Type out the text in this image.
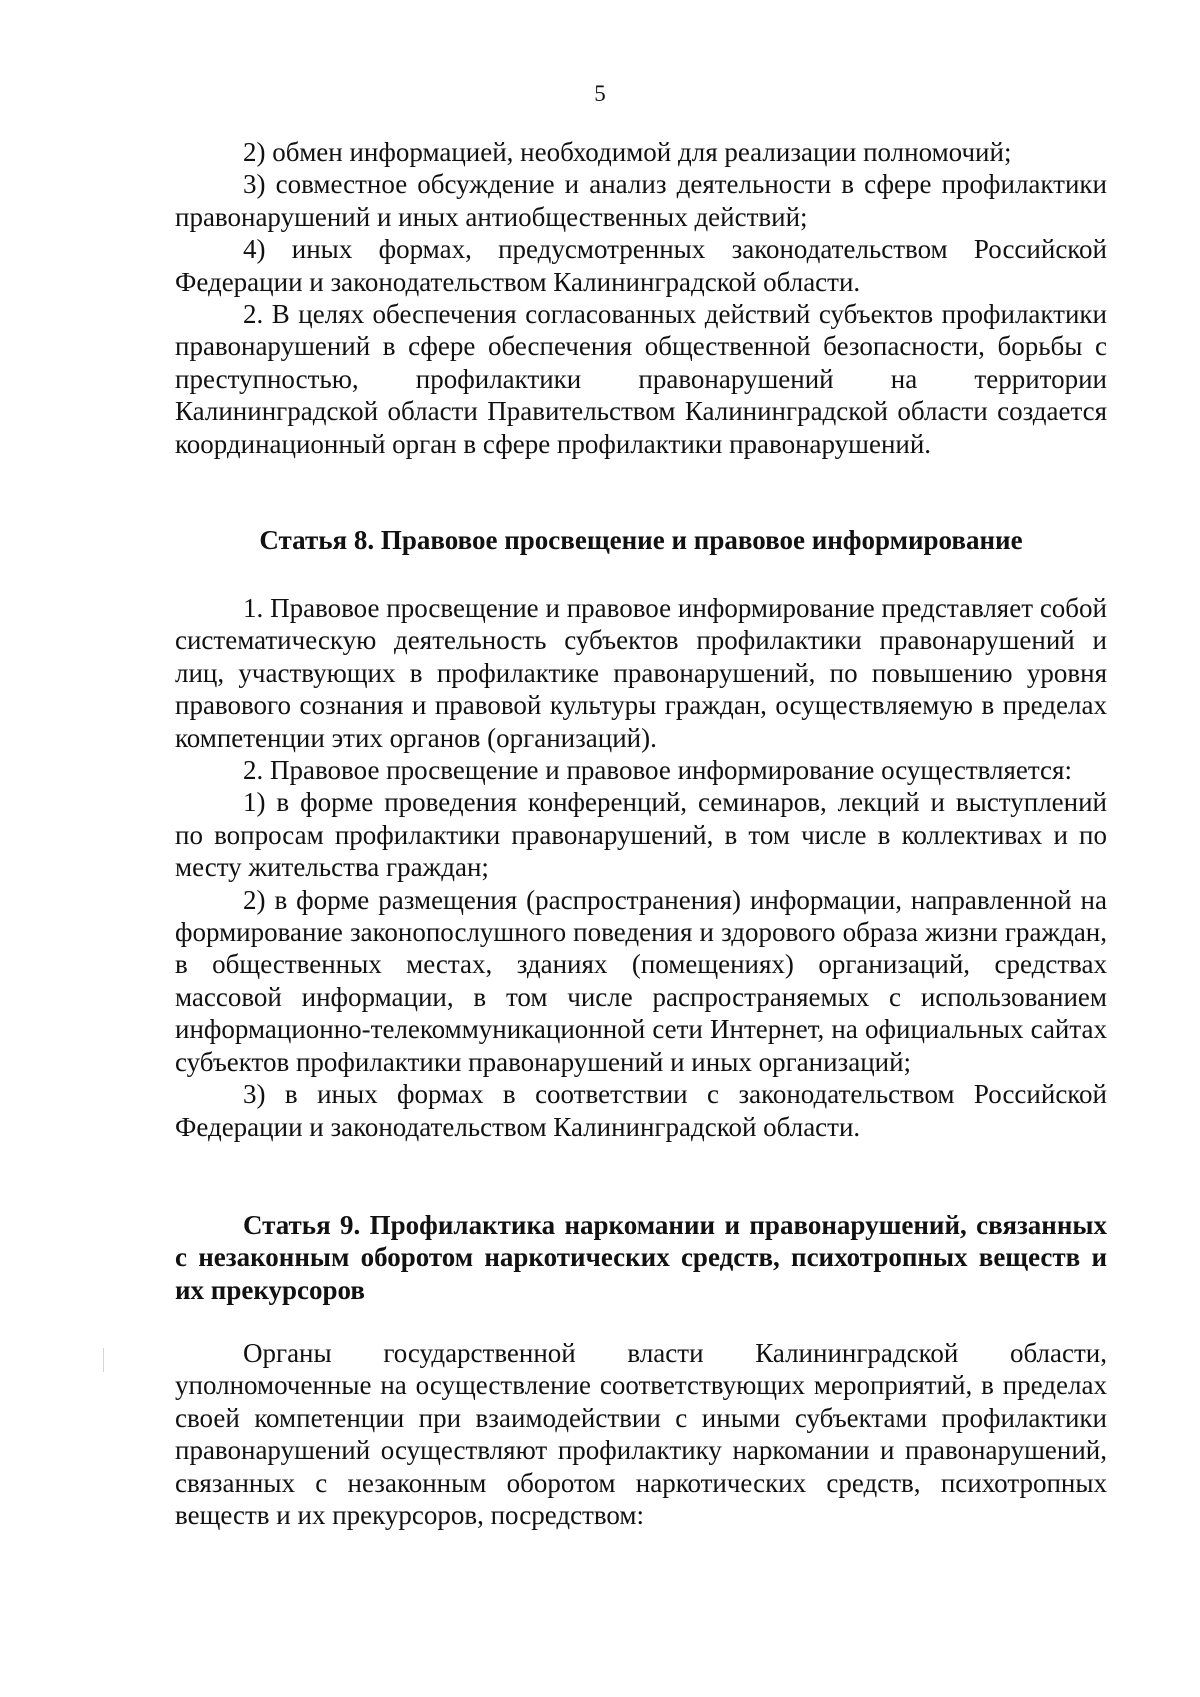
5

2) обмен информацией, необходимой для реализации полномочий;

3) совместное обсуждение и анализ деятельности в сфере профилактики правонарушений и иных антиобщественных действий;

4) иных формах, предусмотренных законодательством Российской Федерации и законодательством Калининградской области.

2. В целях обеспечения согласованных действий субъектов профилактики правонарушений в сфере обеспечения общественной безопасности, борьбы с преступностью, профилактики правонарушений на территории Калининградской области Правительством Калининградской области создается координационный орган в сфере профилактики правонарушений.

Статья 8. Правовое просвещение и правовое информирование

1. Правовое просвещение и правовое информирование представляет собой систематическую деятельность субъектов профилактики правонарушений и лиц, участвующих в профилактике правонарушений, по повышению уровня правового сознания и правовой культуры граждан, осуществляемую в пределах компетенции этих органов (организаций).

2. Правовое просвещение и правовое информирование осуществляется:

1) в форме проведения конференций, семинаров, лекций и выступлений по вопросам профилактики правонарушений, в том числе в коллективах и по месту жительства граждан;

2) в форме размещения (распространения) информации, направленной на формирование законопослушного поведения и здорового образа жизни граждан, в общественных местах, зданиях (помещениях) организаций, средствах массовой информации, в том числе распространяемых с использованием информационно-телекоммуникационной сети Интернет, на официальных сайтах субъектов профилактики правонарушений и иных организаций;

3) в иных формах в соответствии с законодательством Российской Федерации и законодательством Калининградской области.

Статья 9. Профилактика наркомании и правонарушений, связанных с незаконным оборотом наркотических средств, психотропных веществ и их прекурсоров

Органы государственной власти Калининградской области, уполномоченные на осуществление соответствующих мероприятий, в пределах своей компетенции при взаимодействии с иными субъектами профилактики правонарушений осуществляют профилактику наркомании и правонарушений, связанных с незаконным оборотом наркотических средств, психотропных веществ и их прекурсоров, посредством:
